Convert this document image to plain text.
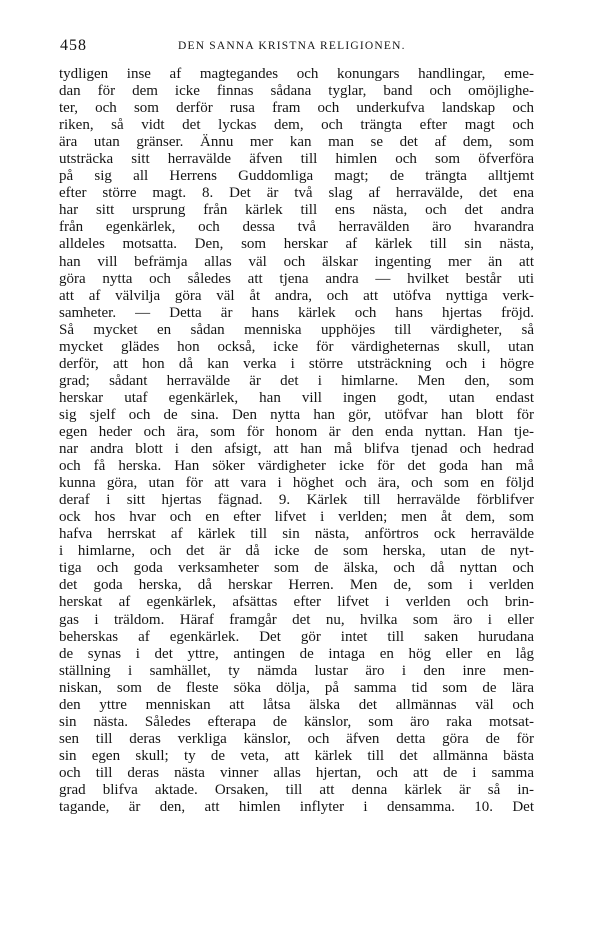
458	DEN SANNA KRISTNA RELIGIONEN.
tydligen inse af magtegandes och konungars handlingar, eme-
dan för dem icke finnas sådana tyglar, band och omöjlighe-
ter, och som derför rusa fram och underkufva landskap och
riken, så vidt det lyckas dem, och trängta efter magt och
ära utan gränser. Ännu mer kan man se det af dem, som
utsträcka sitt herravälde äfven till himlen och som öfverföra
på sig all Herrens Guddomliga magt; de trängta alltjemt
efter större magt. 8. Det är två slag af herravälde, det ena
har sitt ursprung från kärlek till ens nästa, och det andra
från egenkärlek, och dessa två herravälden äro hvarandra
alldeles motsatta. Den, som herskar af kärlek till sin nästa,
han vill befrämja allas väl och älskar ingenting mer än att
göra nytta och således att tjena andra — hvilket består uti
att af välvilja göra väl åt andra, och att utöfva nyttiga verk-
samheter. — Detta är hans kärlek och hans hjertas fröjd.
Så mycket en sådan menniska upphöjes till värdigheter, så
mycket glädes hon också, icke för värdigheternas skull, utan
derför, att hon då kan verka i större utsträckning och i högre
grad; sådant herravälde är det i himlarne. Men den, som
herskar utaf egenkärlek, han vill ingen godt, utan endast
sig sjelf och de sina. Den nytta han gör, utöfvar han blott för
egen heder och ära, som för honom är den enda nyttan. Han tje-
nar andra blott i den afsigt, att han må blifva tjenad och hedrad
och få herska. Han söker värdigheter icke för det goda han må
kunna göra, utan för att vara i höghet och ära, och som en följd
deraf i sitt hjertas fägnad. 9. Kärlek till herravälde förblifver
ock hos hvar och en efter lifvet i verlden; men åt dem, som
hafva herrskat af kärlek till sin nästa, anförtros ock herravälde
i himlarne, och det är då icke de som herska, utan de nyt-
tiga och goda verksamheter som de älska, och då nyttan och
det goda herska, då herskar Herren. Men de, som i verlden
herskat af egenkärlek, afsättas efter lifvet i verlden och brin-
gas i träldom. Häraf framgår det nu, hvilka som äro i eller
beherskas af egenkärlek. Det gör intet till saken hurudana
de synas i det yttre, antingen de intaga en hög eller en låg
ställning i samhället, ty nämda lustar äro i den inre men-
niskan, som de fleste söka dölja, på samma tid som de lära
den yttre menniskan att låtsa älska det allmännas väl och
sin nästa. Således efterapa de känslor, som äro raka motsat-
sen till deras verkliga känslor, och äfven detta göra de för
sin egen skull; ty de veta, att kärlek till det allmänna bästa
och till deras nästa vinner allas hjertan, och att de i samma
grad blifva aktade. Orsaken, till att denna kärlek är så in-
tagande, är den, att himlen inflyter i densamma. 10. Det
